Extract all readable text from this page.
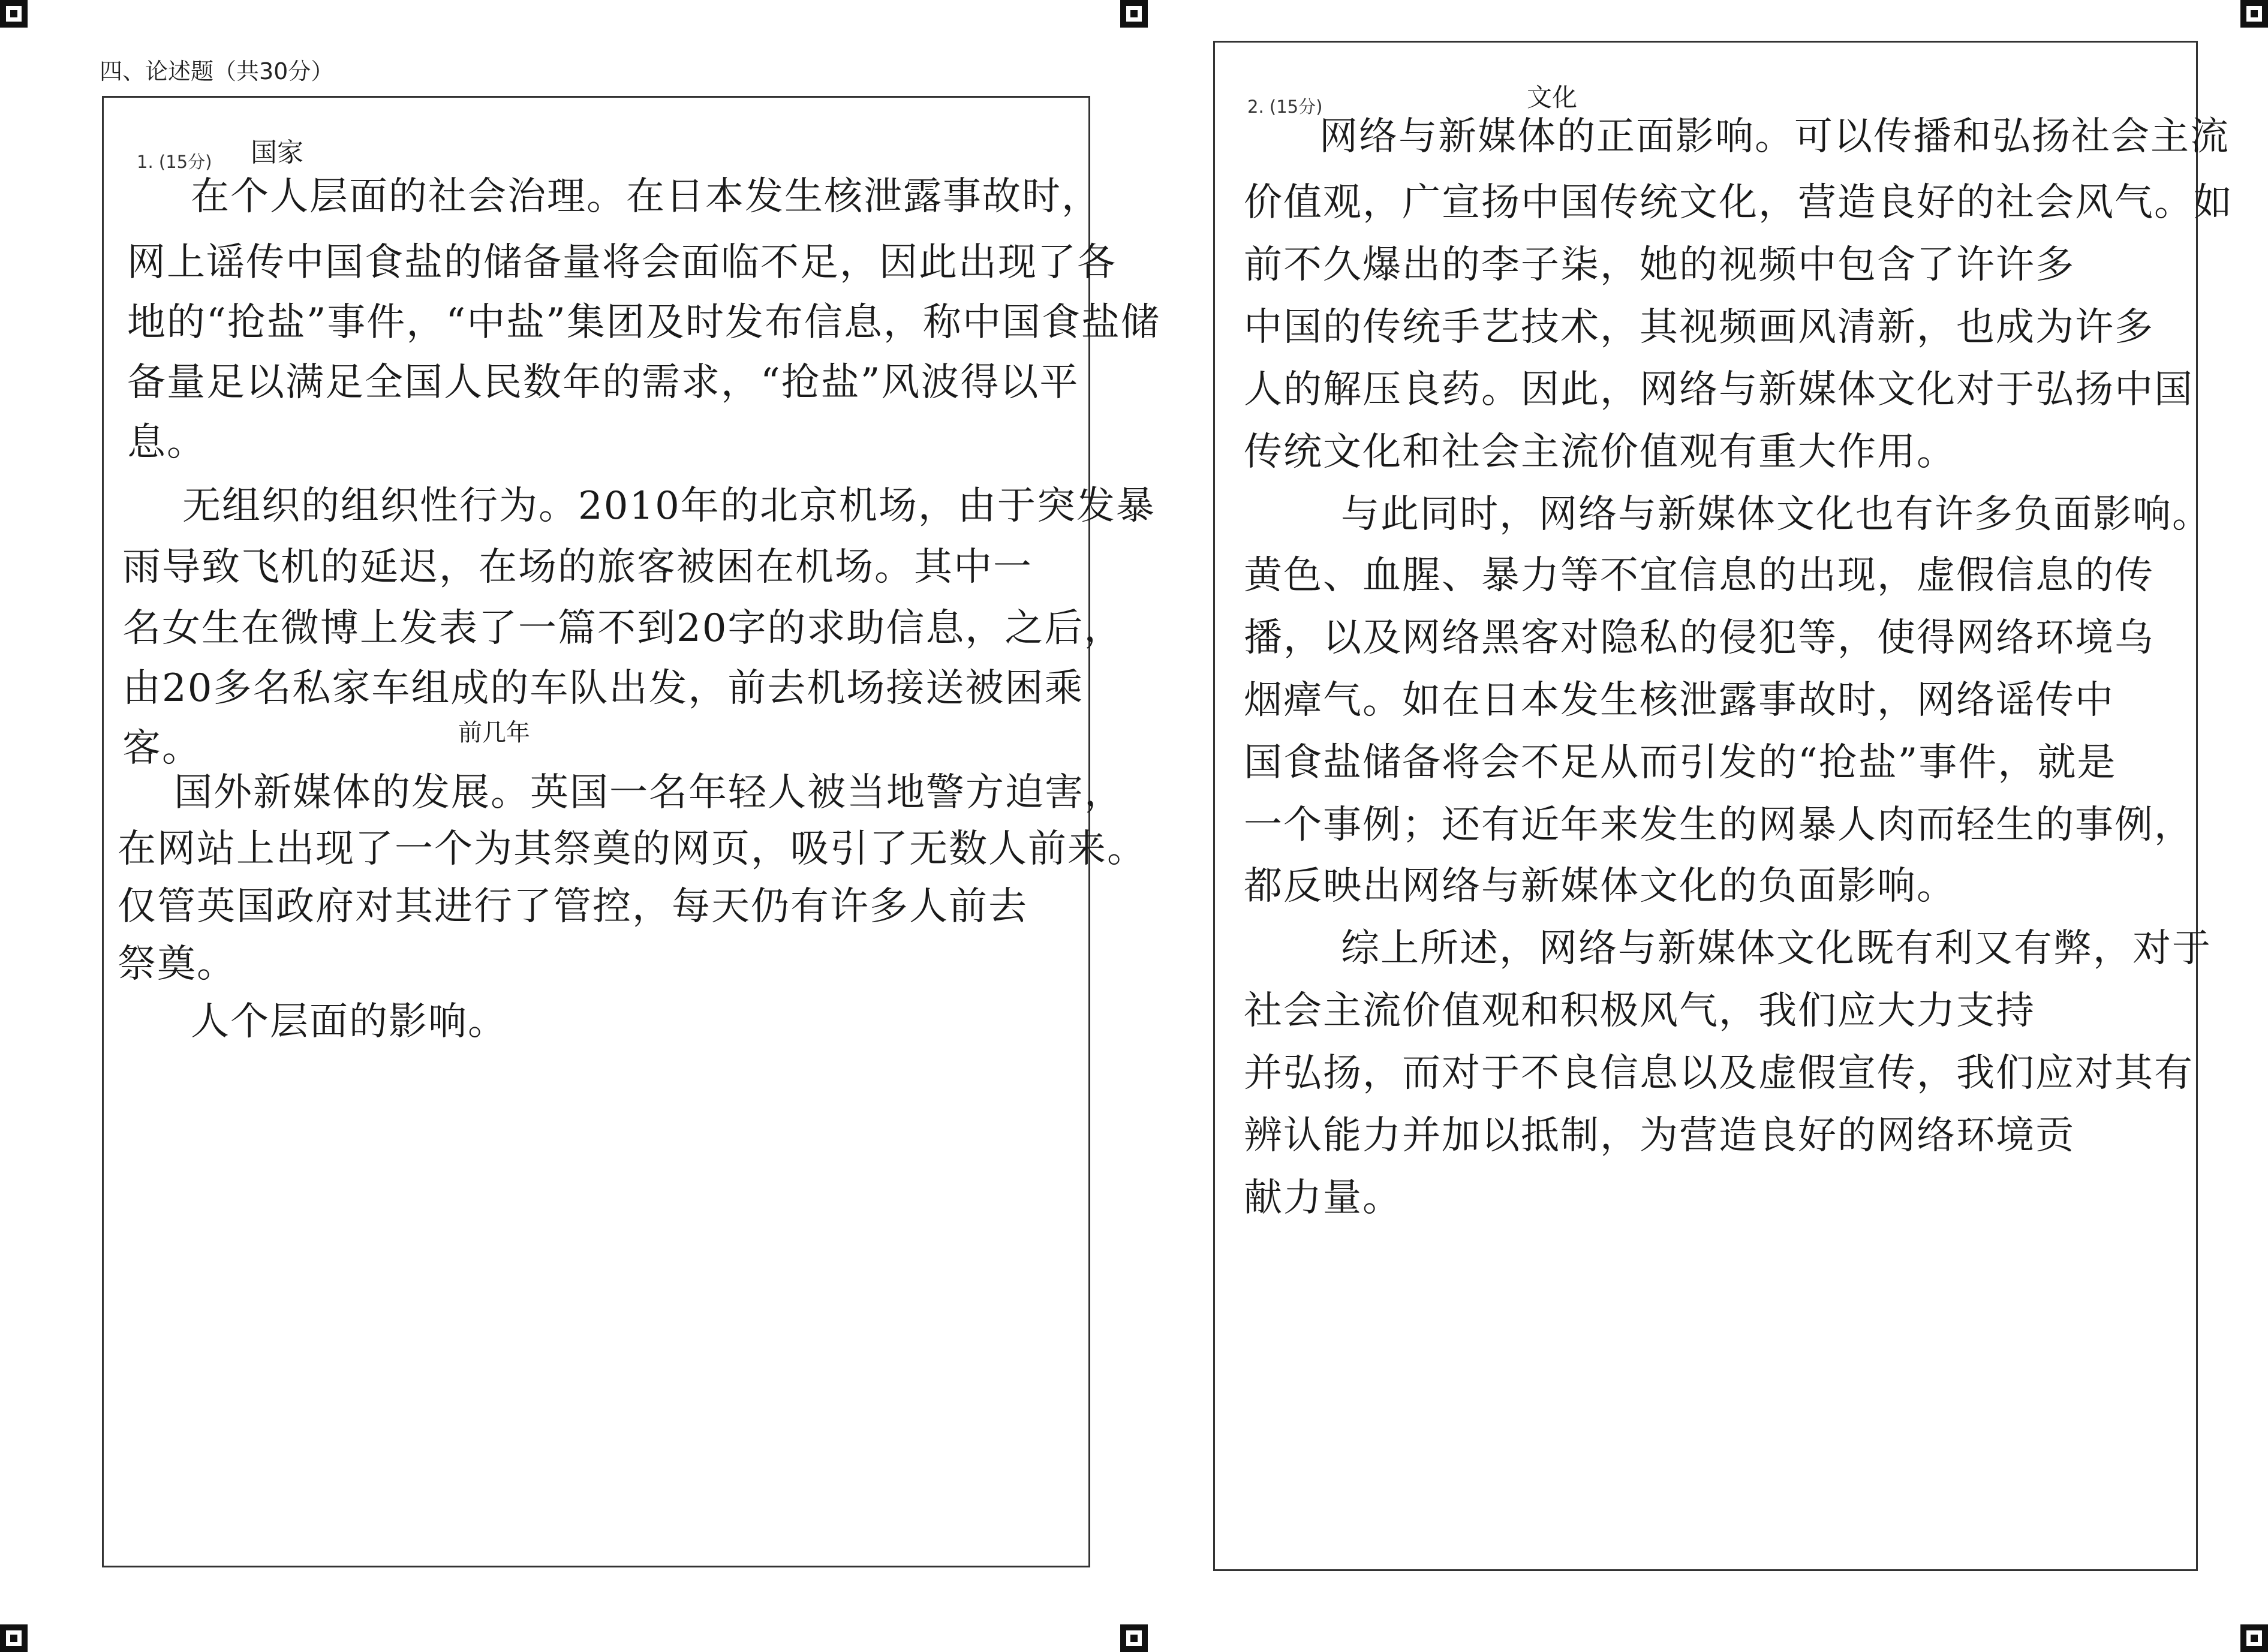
四、论述题（共30分）
1. (15分) 国家
前几年
在个人层面的社会治理。在日本发生核泄露事故时，
网上谣传中国食盐的储备量将会面临不足，因此出现了各
地的“抢盐”事件，“中盐”集团及时发布信息，称中国食盐储
备量足以满足全国人民数年的需求，“抢盐”风波得以平
息。
无组织的组织性行为。2010年的北京机场，由于突发暴
雨导致飞机的延迟，在场的旅客被困在机场。其中一
名女生在微博上发表了一篇不到20字的求助信息，之后，
由20多名私家车组成的车队出发，前去机场接送被困乘
客。
国外新媒体的发展。英国一名年轻人被当地警方迫害，
在网站上出现了一个为其祭奠的网页，吸引了无数人前来。
仅管英国政府对其进行了管控，每天仍有许多人前去
祭奠。
人个层面的影响。
2. (15分)	文化
网络与新媒体的正面影响。可以传播和弘扬社会主流
价值观，广宣扬中国传统文化，营造良好的社会风气。如
前不久爆出的李子柒，她的视频中包含了许许多
中国的传统手艺技术，其视频画风清新，也成为许多
人的解压良药。因此，网络与新媒体文化对于弘扬中国
传统文化和社会主流价值观有重大作用。
与此同时，网络与新媒体文化也有许多负面影响。
黄色、血腥、暴力等不宜信息的出现，虚假信息的传
播，以及网络黑客对隐私的侵犯等，使得网络环境乌
烟瘴气。如在日本发生核泄露事故时，网络谣传中
国食盐储备将会不足从而引发的“抢盐”事件，就是
一个事例；还有近年来发生的网暴人肉而轻生的事例，
都反映出网络与新媒体文化的负面影响。
综上所述，网络与新媒体文化既有利又有弊，对于
社会主流价值观和积极风气，我们应大力支持
并弘扬，而对于不良信息以及虚假宣传，我们应对其有
辨认能力并加以抵制，为营造良好的网络环境贡
献力量。
